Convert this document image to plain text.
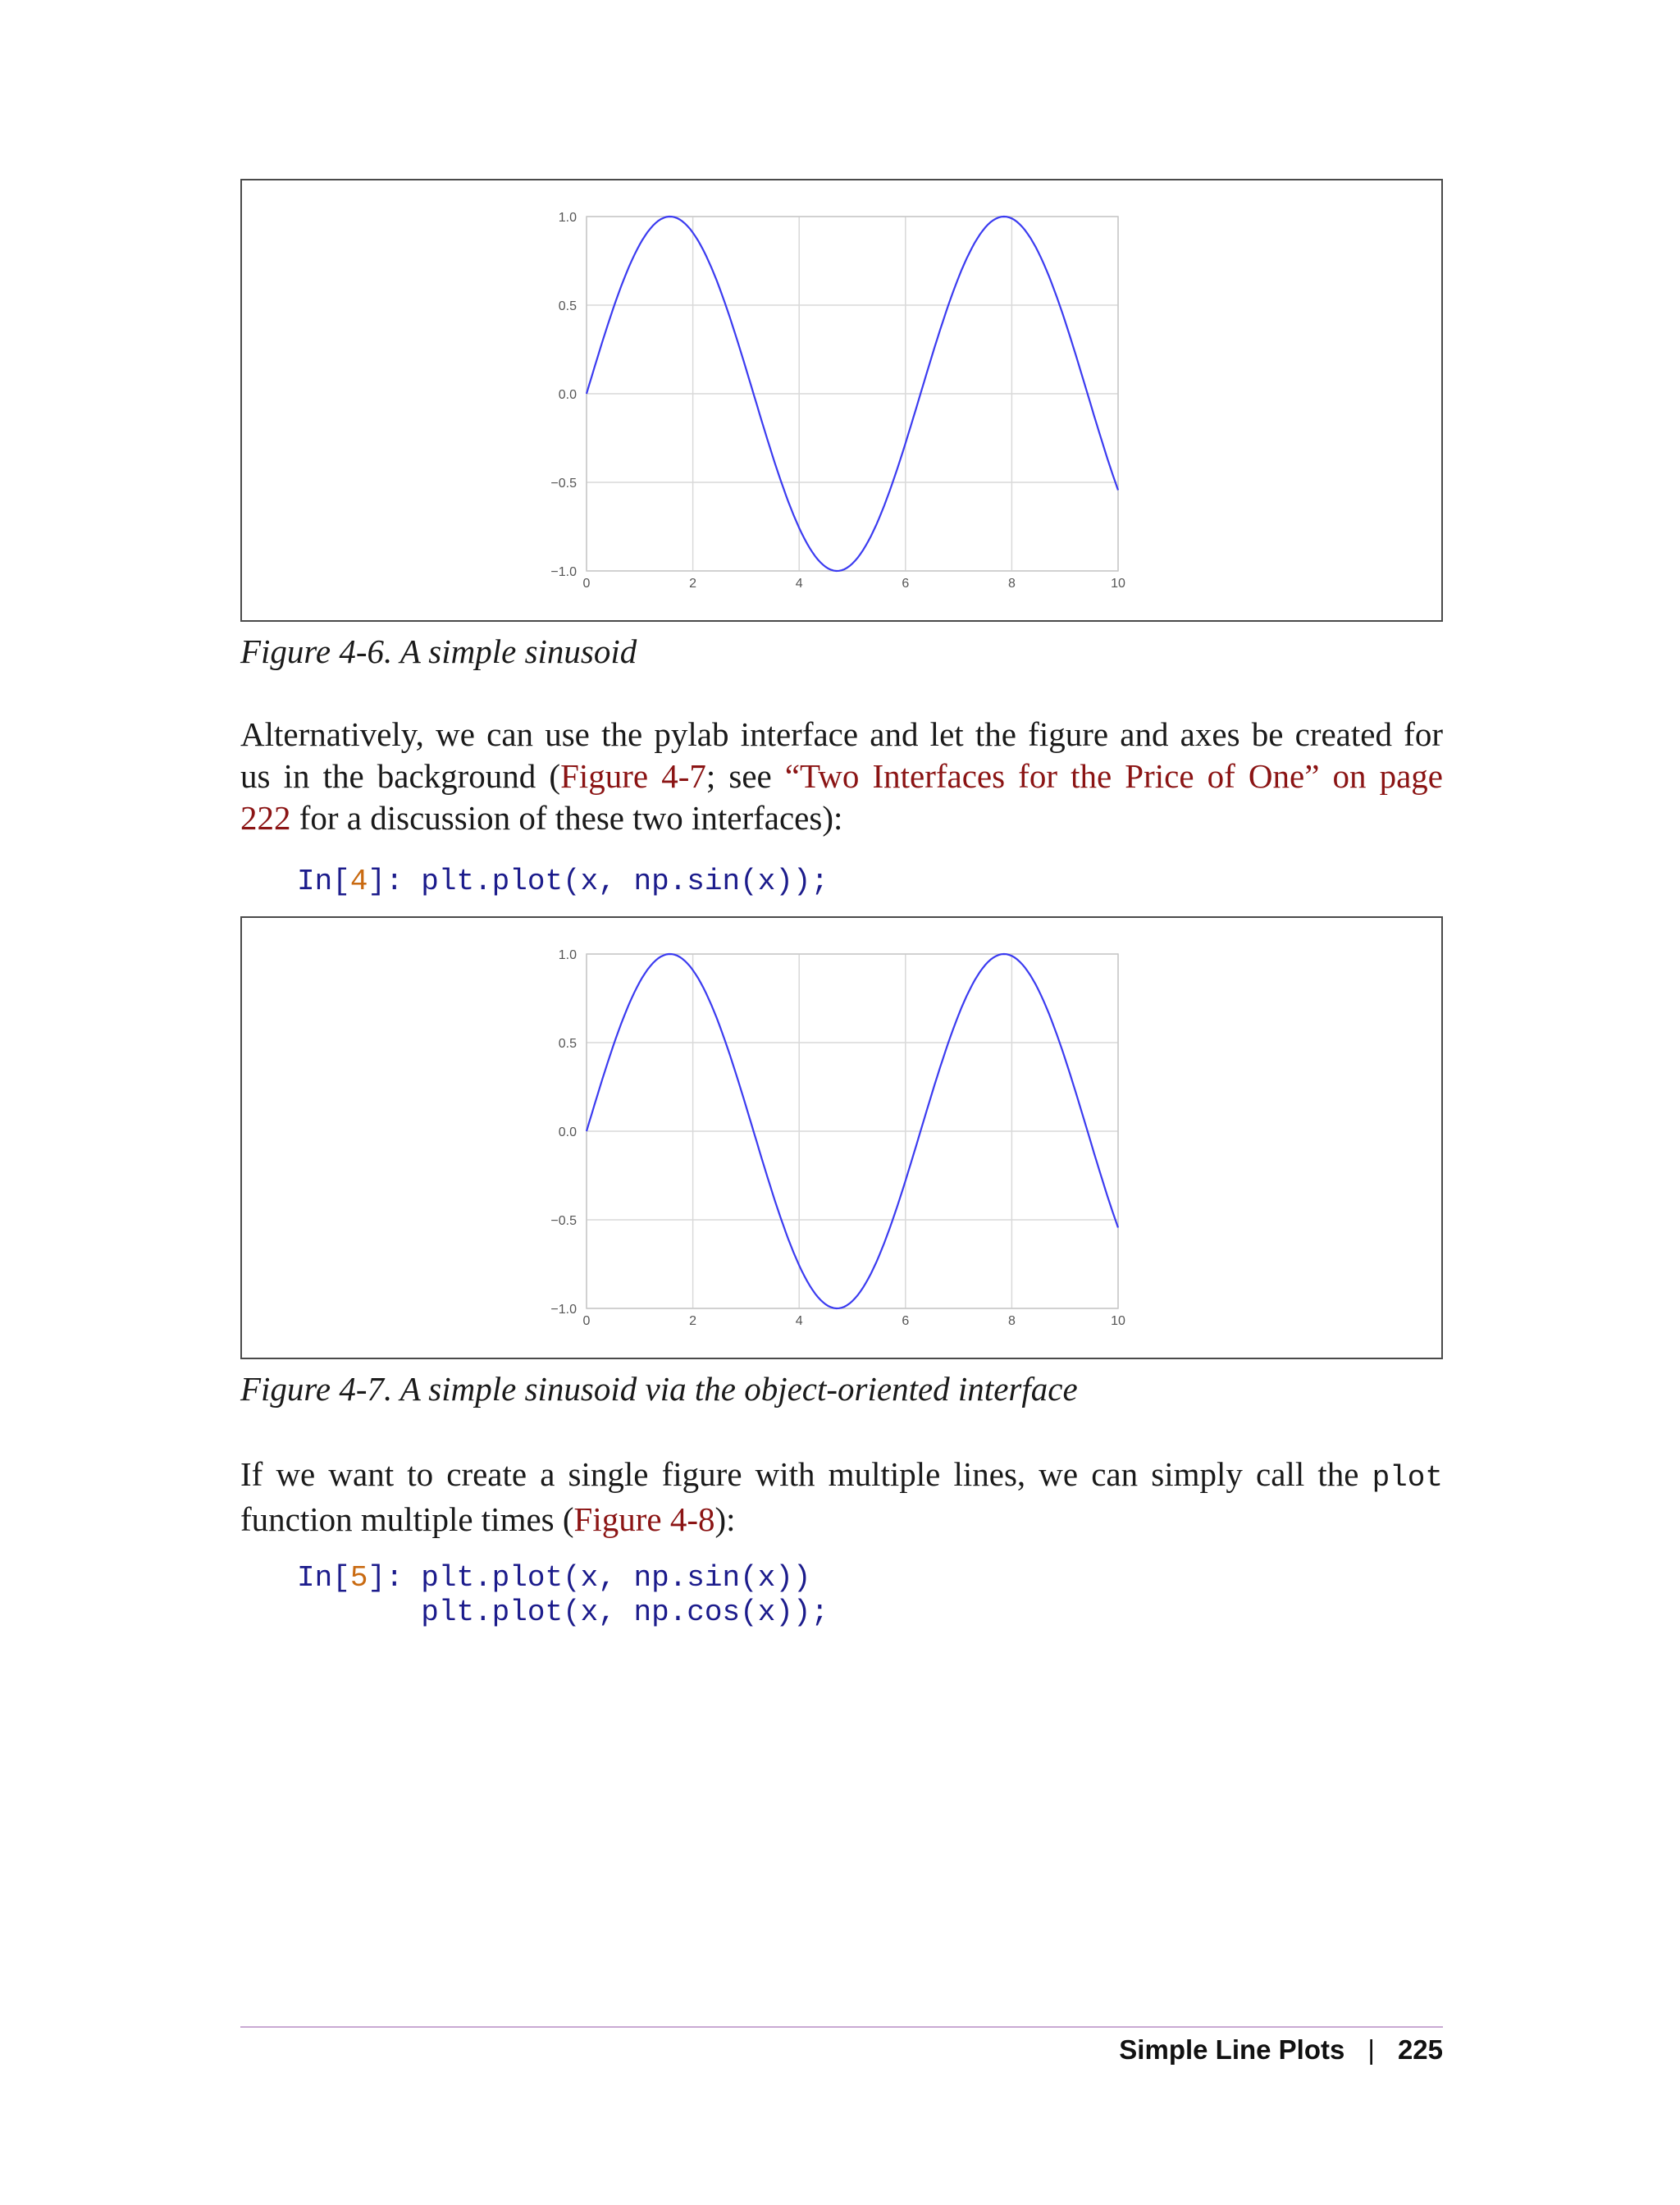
0	2	4	6	8	10
1.0
0.5
0.0
−0.5
−1.0
Figure 4-6. A simple sinusoid
Alternatively, we can use the pylab interface and let the figure and axes be created for
us in the background (Figure 4-7; see “Two Interfaces for the Price of One” on page
222 for a discussion of these two interfaces):
In[4]: plt.plot(x, np.sin(x));
0	2	4	6	8	10
1.0
0.5
0.0
−0.5
−1.0
Figure 4-7. A simple sinusoid via the object-oriented interface
If we want to create a single figure with multiple lines, we can simply call the plot
function multiple times (Figure 4-8):
In[5]: plt.plot(x, np.sin(x))
plt.plot(x, np.cos(x));
Simple Line Plots | 225
